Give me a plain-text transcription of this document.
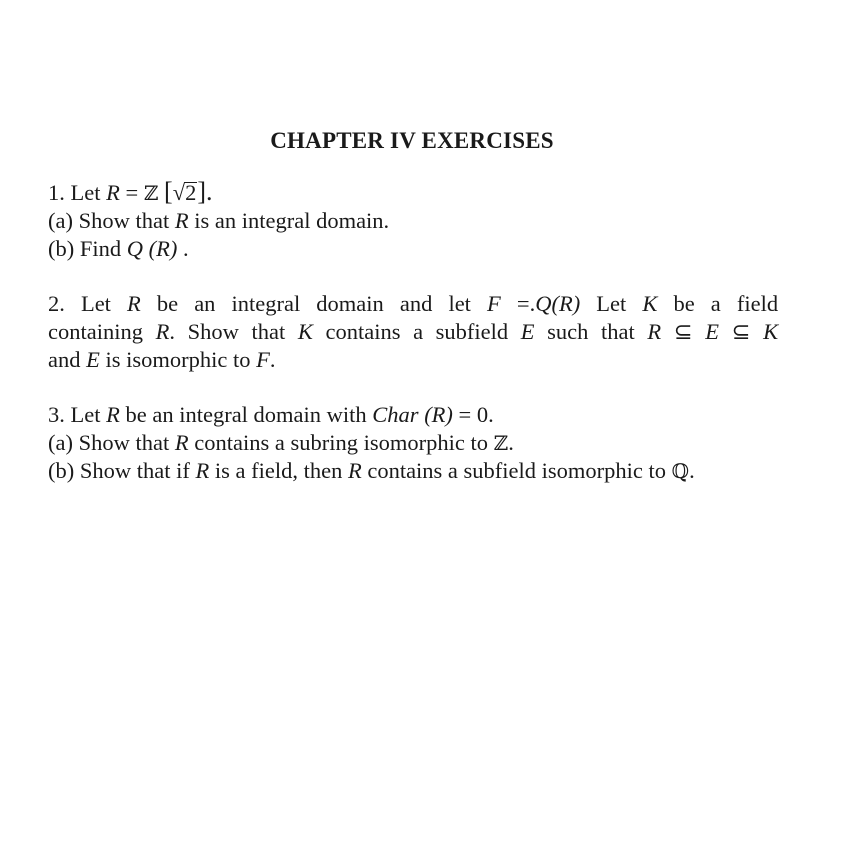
CHAPTER IV EXERCISES
1. Let R = ℤ [√2].
(a) Show that R is an integral domain.
(b) Find Q (R) .
2. Let R be an integral domain and let F =.Q(R) Let K be a field
containing R. Show that K contains a subfield E such that R ⊆ E ⊆ K
and E is isomorphic to F.
3. Let R be an integral domain with Char (R) = 0.
(a) Show that R contains a subring isomorphic to ℤ.
(b) Show that if R is a field, then R contains a subfield isomorphic to ℚ.
